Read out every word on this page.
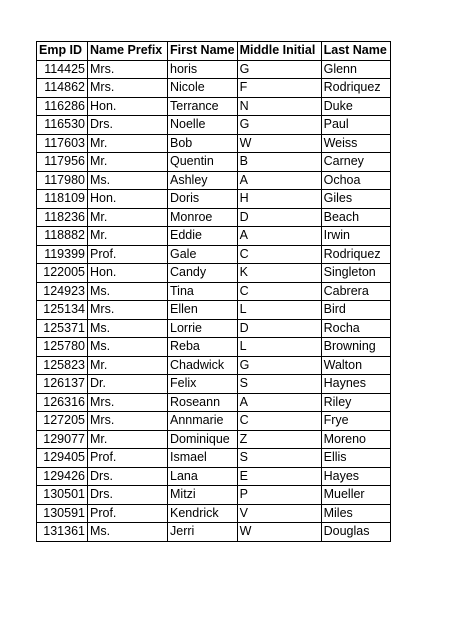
Emp ID	Name Prefix	First Name	Middle Initial	Last Name
114425	Mrs.	horis	G	Glenn
114862	Mrs.	Nicole	F	Rodriquez
116286	Hon.	Terrance	N	Duke
116530	Drs.	Noelle	G	Paul
117603	Mr.	Bob	W	Weiss
117956	Mr.	Quentin	B	Carney
117980	Ms.	Ashley	A	Ochoa
118109	Hon.	Doris	H	Giles
118236	Mr.	Monroe	D	Beach
118882	Mr.	Eddie	A	Irwin
119399	Prof.	Gale	C	Rodriquez
122005	Hon.	Candy	K	Singleton
124923	Ms.	Tina	C	Cabrera
125134	Mrs.	Ellen	L	Bird
125371	Ms.	Lorrie	D	Rocha
125780	Ms.	Reba	L	Browning
125823	Mr.	Chadwick	G	Walton
126137	Dr.	Felix	S	Haynes
126316	Mrs.	Roseann	A	Riley
127205	Mrs.	Annmarie	C	Frye
129077	Mr.	Dominique	Z	Moreno
129405	Prof.	Ismael	S	Ellis
129426	Drs.	Lana	E	Hayes
130501	Drs.	Mitzi	P	Mueller
130591	Prof.	Kendrick	V	Miles
131361	Ms.	Jerri	W	Douglas
